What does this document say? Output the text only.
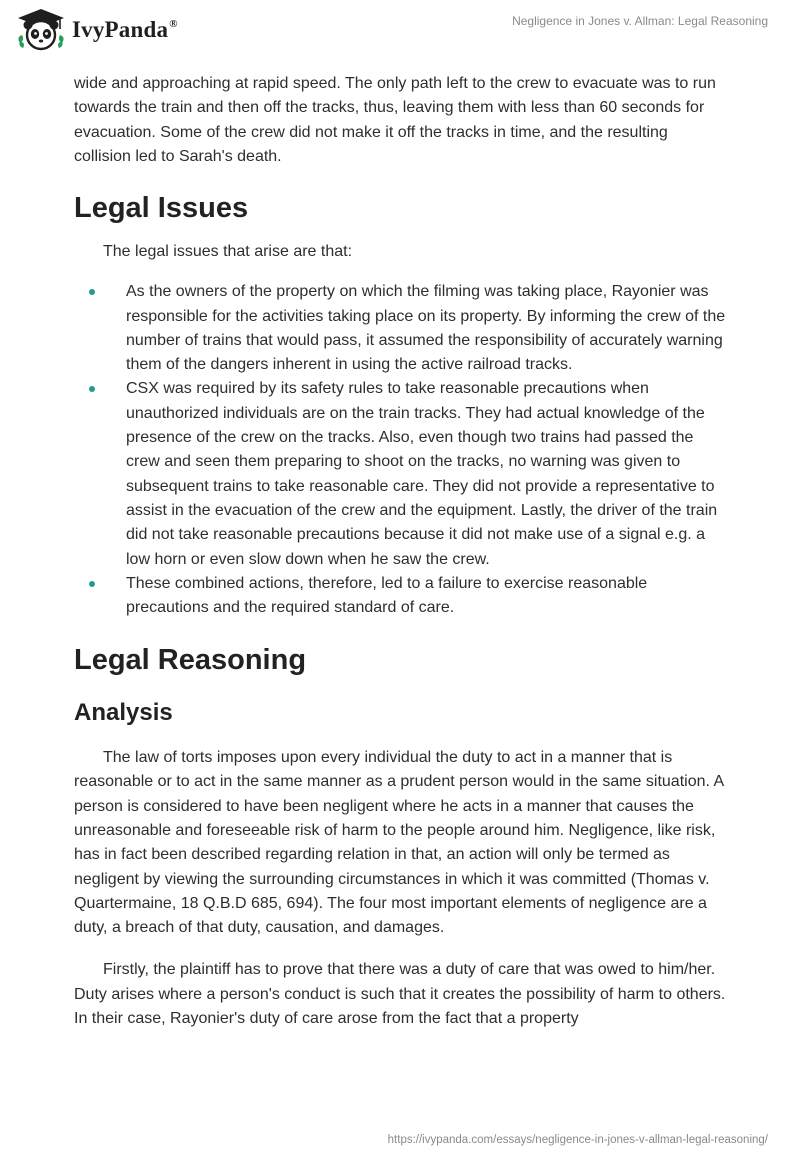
IvyPanda®	Negligence in Jones v. Allman: Legal Reasoning

wide and approaching at rapid speed. The only path left to the crew to evacuate was to run towards the train and then off the tracks, thus, leaving them with less than 60 seconds for evacuation. Some of the crew did not make it off the tracks in time, and the resulting collision led to Sarah's death.

Legal Issues

The legal issues that arise are that:

As the owners of the property on which the filming was taking place, Rayonier was responsible for the activities taking place on its property. By informing the crew of the number of trains that would pass, it assumed the responsibility of accurately warning them of the dangers inherent in using the active railroad tracks.
CSX was required by its safety rules to take reasonable precautions when unauthorized individuals are on the train tracks. They had actual knowledge of the presence of the crew on the tracks. Also, even though two trains had passed the crew and seen them preparing to shoot on the tracks, no warning was given to subsequent trains to take reasonable care. They did not provide a representative to assist in the evacuation of the crew and the equipment. Lastly, the driver of the train did not take reasonable precautions because it did not make use of a signal e.g. a low horn or even slow down when he saw the crew.
These combined actions, therefore, led to a failure to exercise reasonable precautions and the required standard of care.
Legal Reasoning
Analysis

The law of torts imposes upon every individual the duty to act in a manner that is reasonable or to act in the same manner as a prudent person would in the same situation. A person is considered to have been negligent where he acts in a manner that causes the unreasonable and foreseeable risk of harm to the people around him. Negligence, like risk, has in fact been described regarding relation in that, an action will only be termed as negligent by viewing the surrounding circumstances in which it was committed (Thomas v. Quartermaine, 18 Q.B.D 685, 694). The four most important elements of negligence are a duty, a breach of that duty, causation, and damages.

Firstly, the plaintiff has to prove that there was a duty of care that was owed to him/her. Duty arises where a person's conduct is such that it creates the possibility of harm to others. In their case, Rayonier's duty of care arose from the fact that a property

https://ivypanda.com/essays/negligence-in-jones-v-allman-legal-reasoning/
